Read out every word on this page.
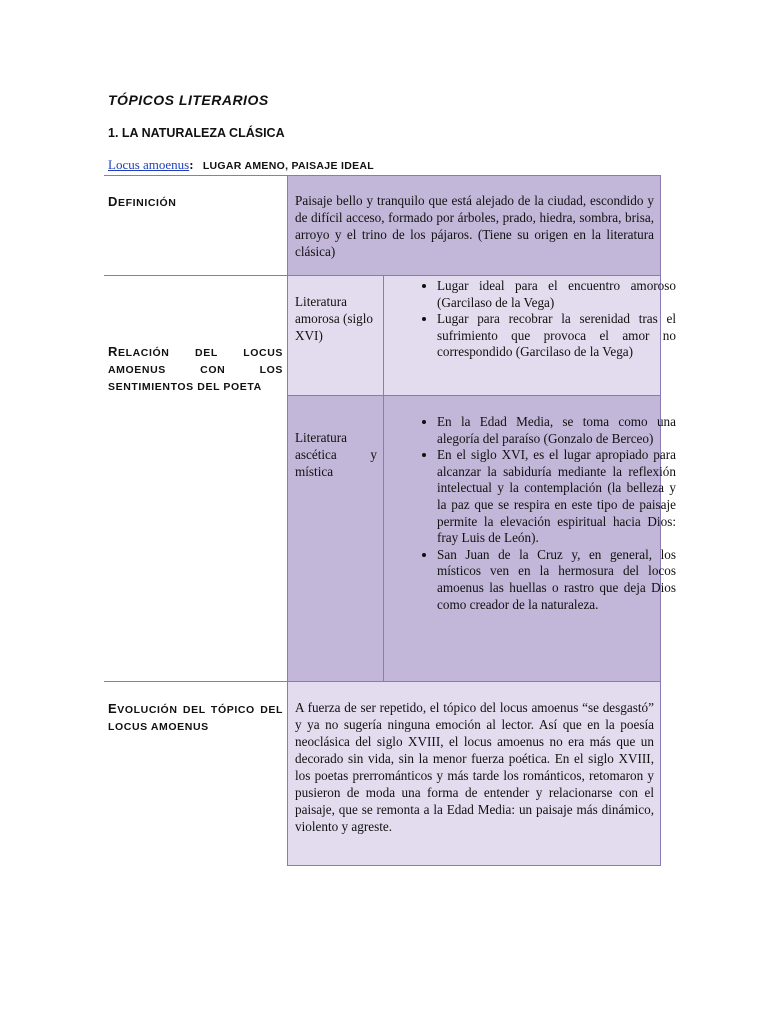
TÓPICOS LITERARIOS
1. LA NATURALEZA CLÁSICA
Locus amoenus: LUGAR AMENO, PAISAJE IDEAL
DEFINICIÓN	Paisaje bello y tranquilo que está alejado de la ciudad, escondido y de difícil acceso, formado por árboles, prado, hiedra, sombra, brisa, arroyo y el trino de los pájaros. (Tiene su origen en la literatura clásica)
RELACIÓN DEL LOCUS AMOENUS CON LOS SENTIMIENTOS DEL POETA
Literatura amorosa (siglo XVI)
• Lugar ideal para el encuentro amoroso (Garcilaso de la Vega)
• Lugar para recobrar la serenidad tras el sufrimiento que provoca el amor no correspondido (Garcilaso de la Vega)
Literatura ascética y mística
• En la Edad Media, se toma como una alegoría del paraíso (Gonzalo de Berceo)
• En el siglo XVI, es el lugar apropiado para alcanzar la sabiduría mediante la reflexión intelectual y la contemplación (la belleza y la paz que se respira en este tipo de paisaje permite la elevación espiritual hacia Dios: fray Luis de León).
• San Juan de la Cruz y, en general, los místicos ven en la hermosura del locos amoenus las huellas o rastro que deja Dios como creador de la naturaleza.
EVOLUCIÓN DEL TÓPICO DEL LOCUS AMOENUS
A fuerza de ser repetido, el tópico del locus amoenus “se desgastó” y ya no sugería ninguna emoción al lector. Así que en la poesía neoclásica del siglo XVIII, el locus amoenus no era más que un decorado sin vida, sin la menor fuerza poética. En el siglo XVIII, los poetas prerrománticos y más tarde los románticos, retomaron y pusieron de moda una forma de entender y relacionarse con el paisaje, que se remonta a la Edad Media: un paisaje más dinámico, violento y agreste.
